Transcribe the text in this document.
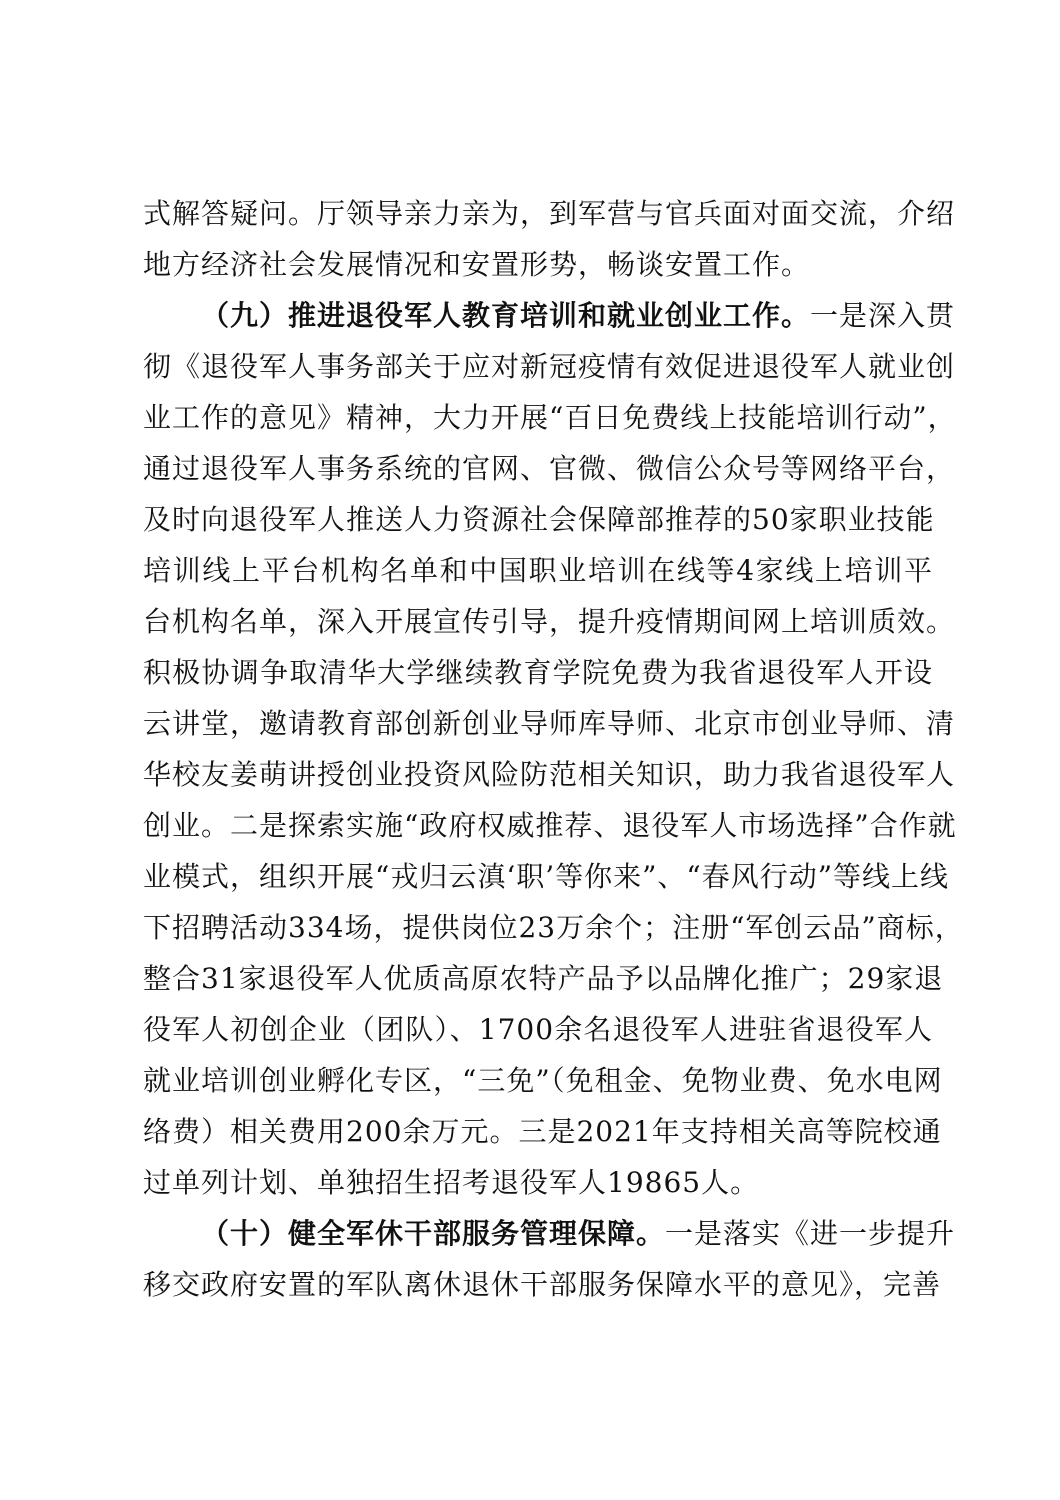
式解答疑问。厅领导亲力亲为，到军营与官兵面对面交流，介绍
地方经济社会发展情况和安置形势，畅谈安置工作。
（九）推进退役军人教育培训和就业创业工作。一是深入贯
彻《退役军人事务部关于应对新冠疫情有效促进退役军人就业创
业工作的意见》精神，大力开展“百日免费线上技能培训行动”，
通过退役军人事务系统的官网、官微、微信公众号等网络平台，
及时向退役军人推送人力资源社会保障部推荐的50家职业技能
培训线上平台机构名单和中国职业培训在线等4家线上培训平
台机构名单，深入开展宣传引导，提升疫情期间网上培训质效。
积极协调争取清华大学继续教育学院免费为我省退役军人开设
云讲堂，邀请教育部创新创业导师库导师、北京市创业导师、清
华校友姜萌讲授创业投资风险防范相关知识，助力我省退役军人
创业。二是探索实施“政府权威推荐、退役军人市场选择”合作就
业模式，组织开展“戎归云滇‘职’等你来”、“春风行动”等线上线
下招聘活动334场，提供岗位23万余个；注册“军创云品”商标，
整合31家退役军人优质高原农特产品予以品牌化推广；29家退
役军人初创企业（团队）、1700余名退役军人进驻省退役军人
就业培训创业孵化专区，“三免”（免租金、免物业费、免水电网
络费）相关费用200余万元。三是2021年支持相关高等院校通
过单列计划、单独招生招考退役军人19865人。
（十）健全军休干部服务管理保障。一是落实《进一步提升
移交政府安置的军队离休退休干部服务保障水平的意见》，完善
